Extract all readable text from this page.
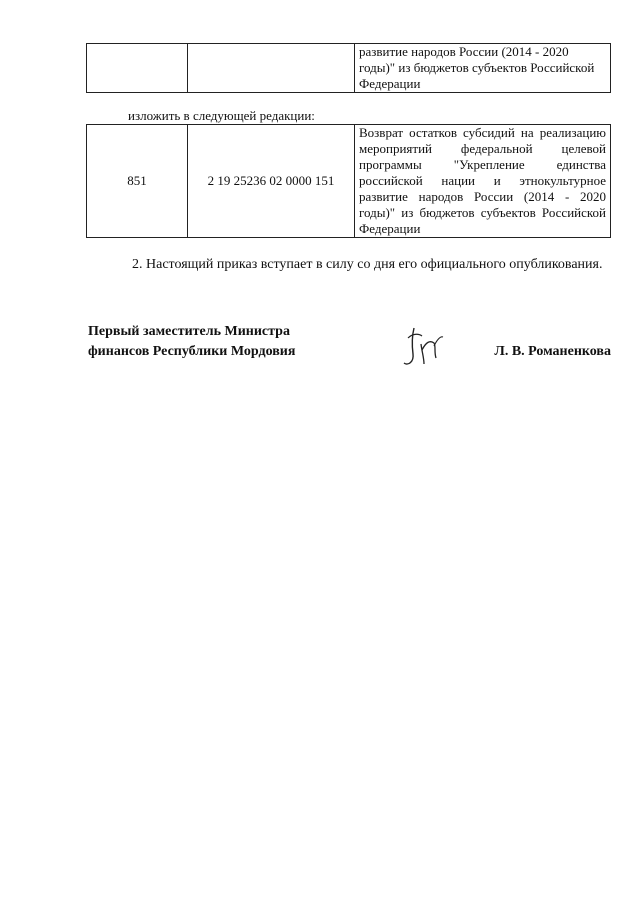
		развитие народов России (2014 - 2020
годы)" из бюджетов субъектов Российской
Федерации
изложить в следующей редакции:
851	2 19 25236 02 0000 151	Возврат остатков субсидий на реализацию мероприятий федеральной целевой программы "Укрепление единства российской нации и этнокультурное развитие народов России (2014 - 2020 годы)" из бюджетов субъектов Российской Федерации
2. Настоящий приказ вступает в силу со дня его официального опубликования.
Первый заместитель Министра
финансов Республики Мордовия	Л. В. Романенкова
